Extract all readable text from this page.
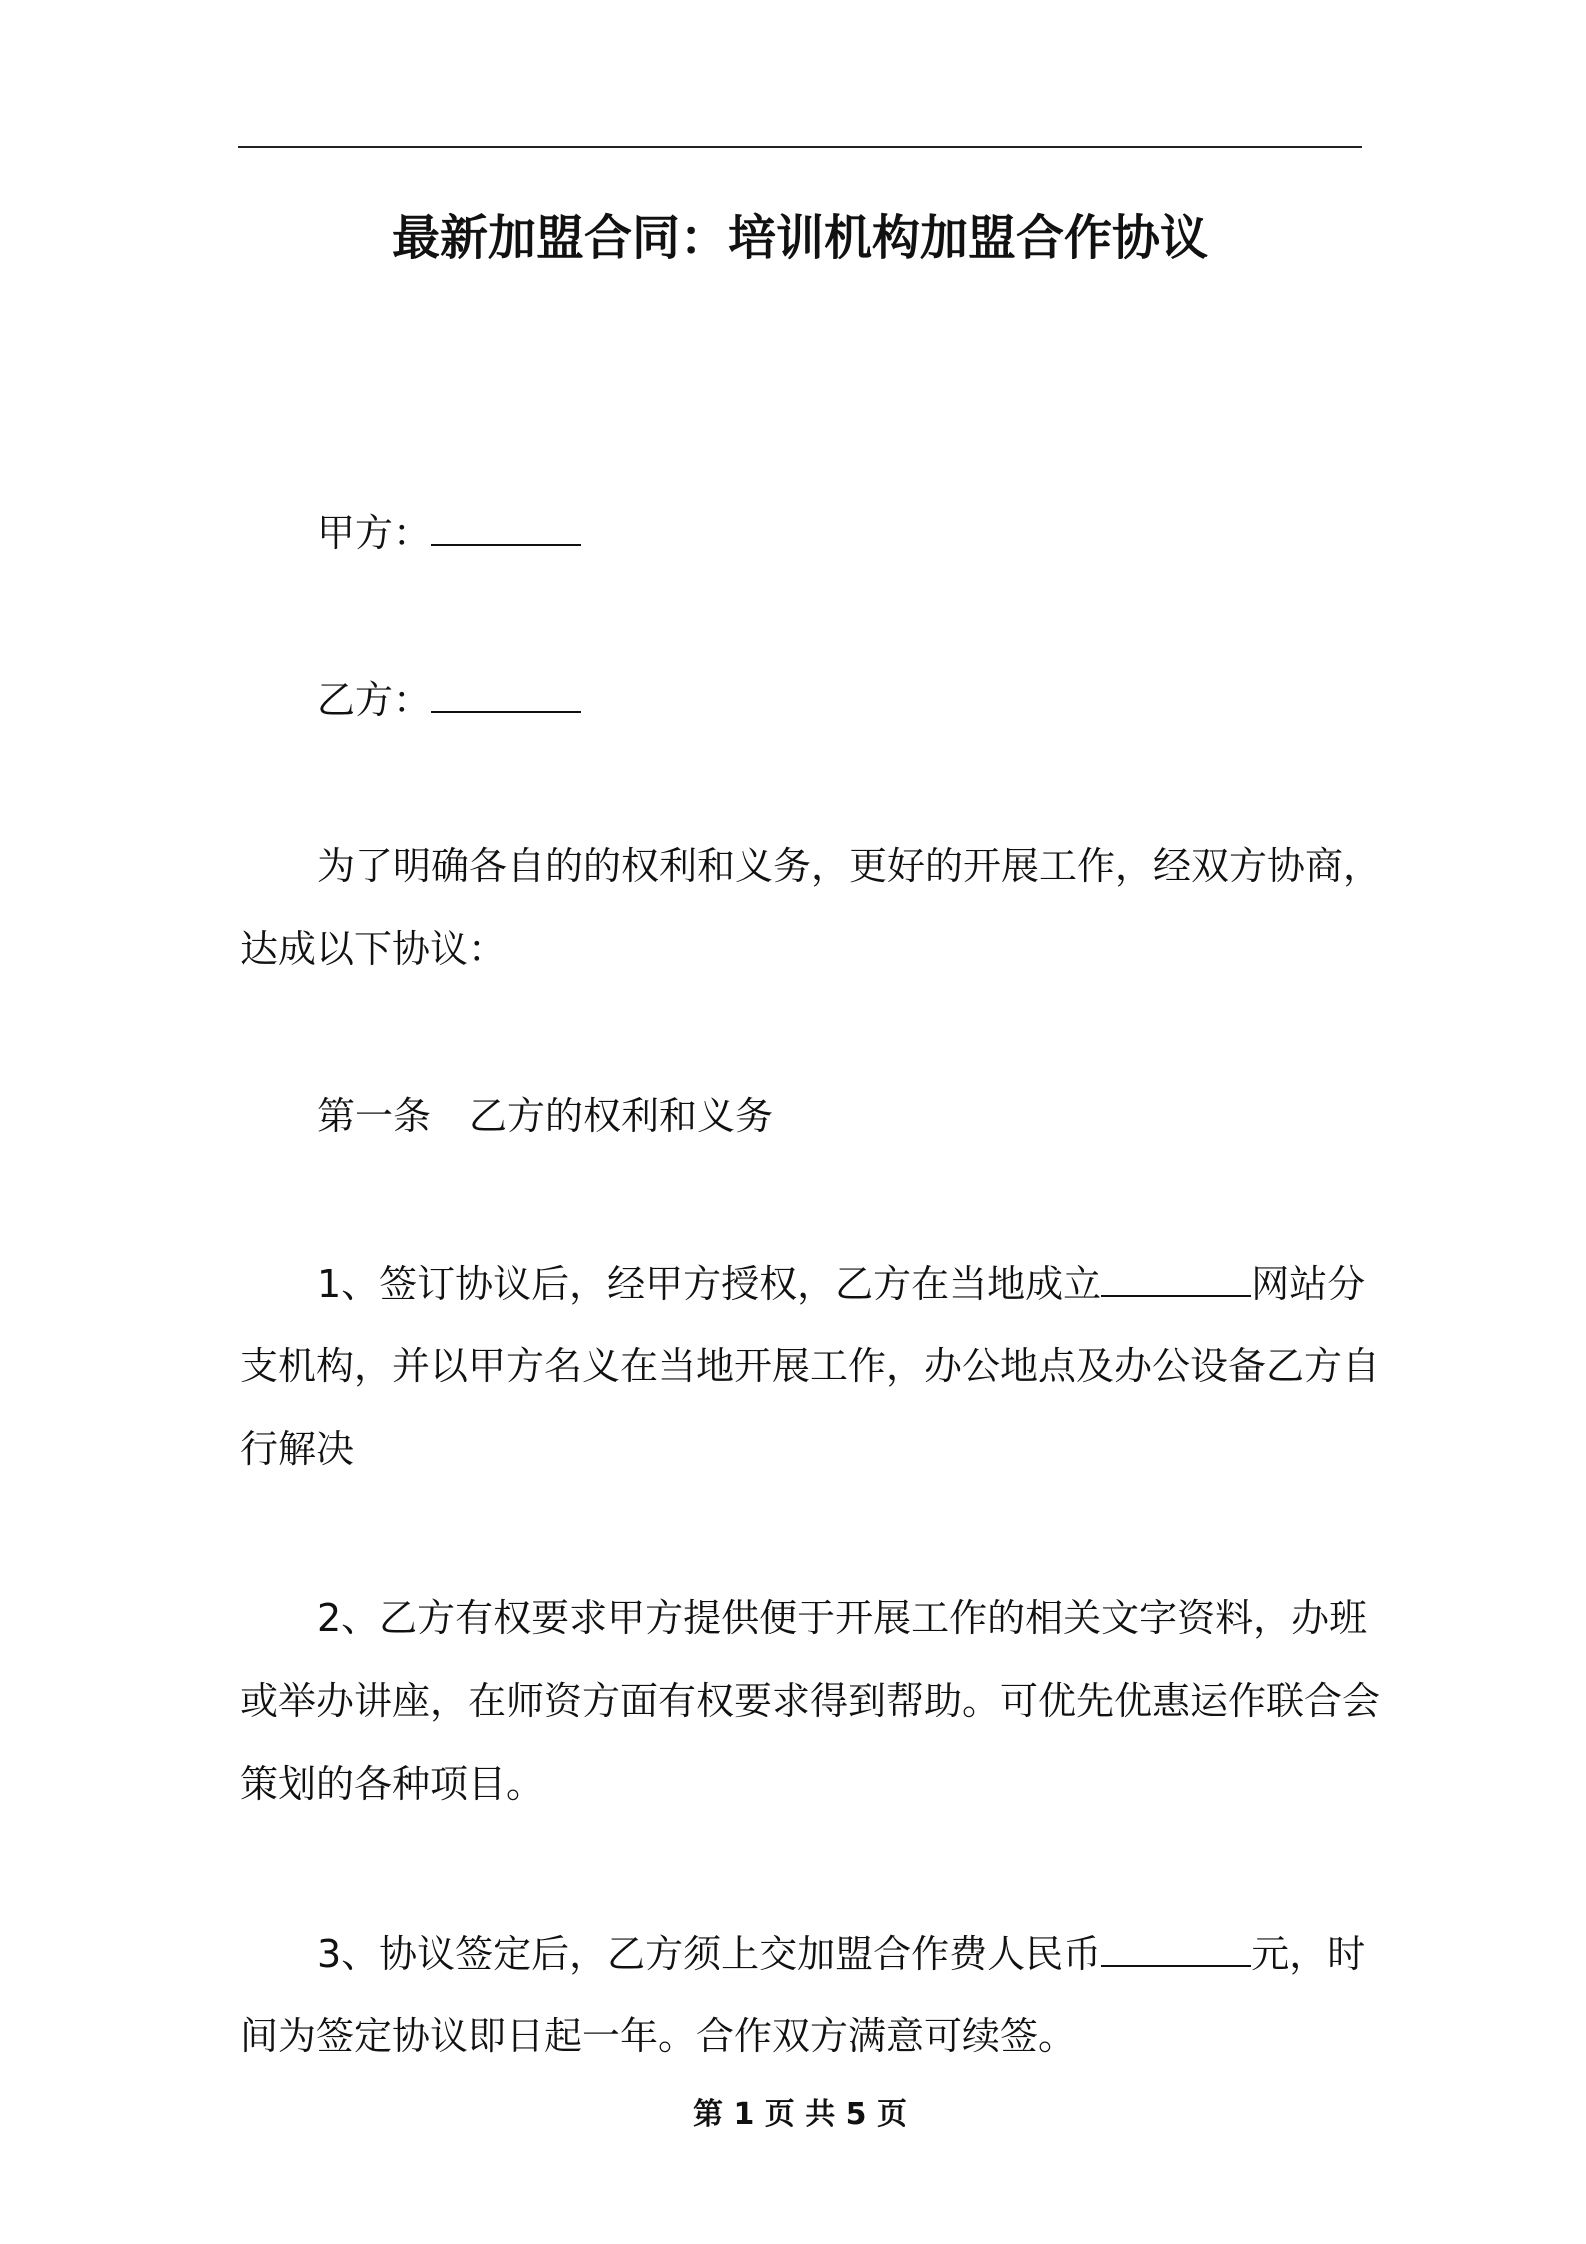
最新加盟合同：培训机构加盟合作协议
甲方：
乙方：
为了明确各自的的权利和义务，更好的开展工作，经双方协商，
达成以下协议：
第一条 乙方的权利和义务
1、签订协议后，经甲方授权，乙方在当地成立	网站分
支机构，并以甲方名义在当地开展工作，办公地点及办公设备乙方自
行解决
2、乙方有权要求甲方提供便于开展工作的相关文字资料，办班
或举办讲座，在师资方面有权要求得到帮助。可优先优惠运作联合会
策划的各种项目。
3、协议签定后，乙方须上交加盟合作费人民币	元，时
间为签定协议即日起一年。合作双方满意可续签。
第 1 页 共 5 页
